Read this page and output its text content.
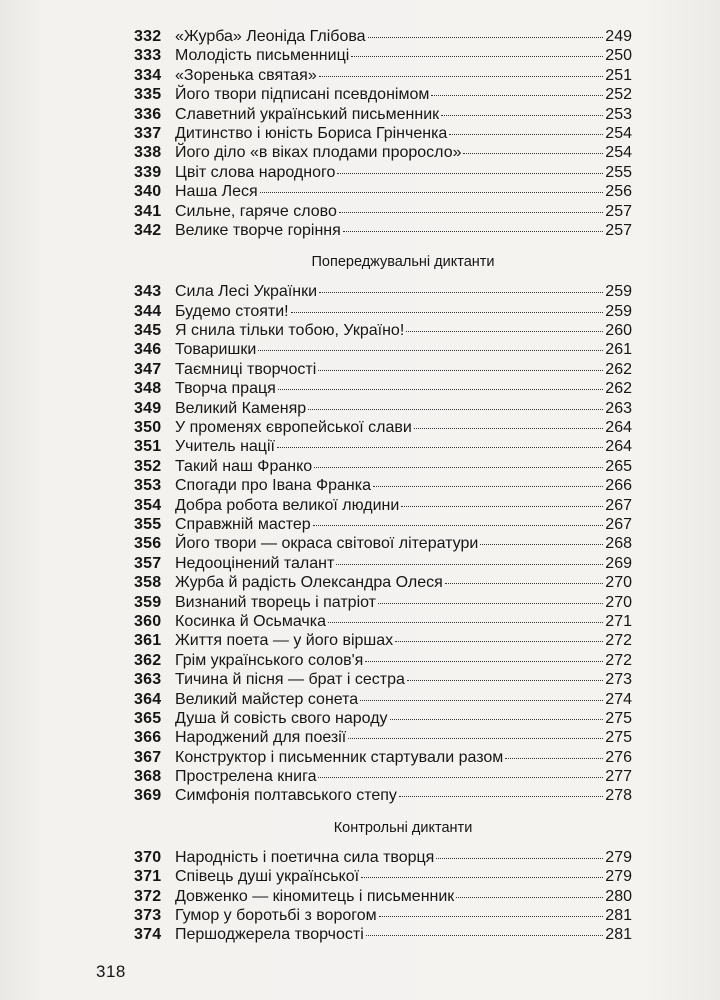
332 «Журба» Леоніда Глібова	249
333 Молодість письменниці	250
334 «Зоренька святая»	251
335 Його твори підписані псевдонімом	252
336 Славетний український письменник	253
337 Дитинство і юність Бориса Грінченка	254
338 Його діло «в віках плодами проросло»	254
339 Цвіт слова народного	255
340 Наша Леся	256
341 Сильне, гаряче слово	257
342 Велике творче горіння	257
Попереджувальні диктанти
343 Сила Лесі Українки	259
344 Будемо стояти!	259
345 Я снила тільки тобою, Україно!	260
346 Товаришки	261
347 Таємниці творчості	262
348 Творча праця	262
349 Великий Каменяр	263
350 У променях європейської слави	264
351 Учитель нації	264
352 Такий наш Франко	265
353 Спогади про Івана Франка	266
354 Добра робота великої людини	267
355 Справжній мастер	267
356 Його твори — окраса світової літератури	268
357 Недооцінений талант	269
358 Журба й радість Олександра Олеся	270
359 Визнаний творець і патріот	270
360 Косинка й Осьмачка	271
361 Життя поета — у його віршах	272
362 Грім українського солов'я	272
363 Тичина й пісня — брат і сестра	273
364 Великий майстер сонета	274
365 Душа й совість свого народу	275
366 Народжений для поезії	275
367 Конструктор і письменник стартували разом	276
368 Прострелена книга	277
369 Симфонія полтавського степу	278
Контрольні диктанти
370 Народність і поетична сила творця	279
371 Співець душі української	279
372 Довженко — кіномитець і письменник	280
373 Гумор у боротьбі з ворогом	281
374 Першоджерела творчості	281
318
